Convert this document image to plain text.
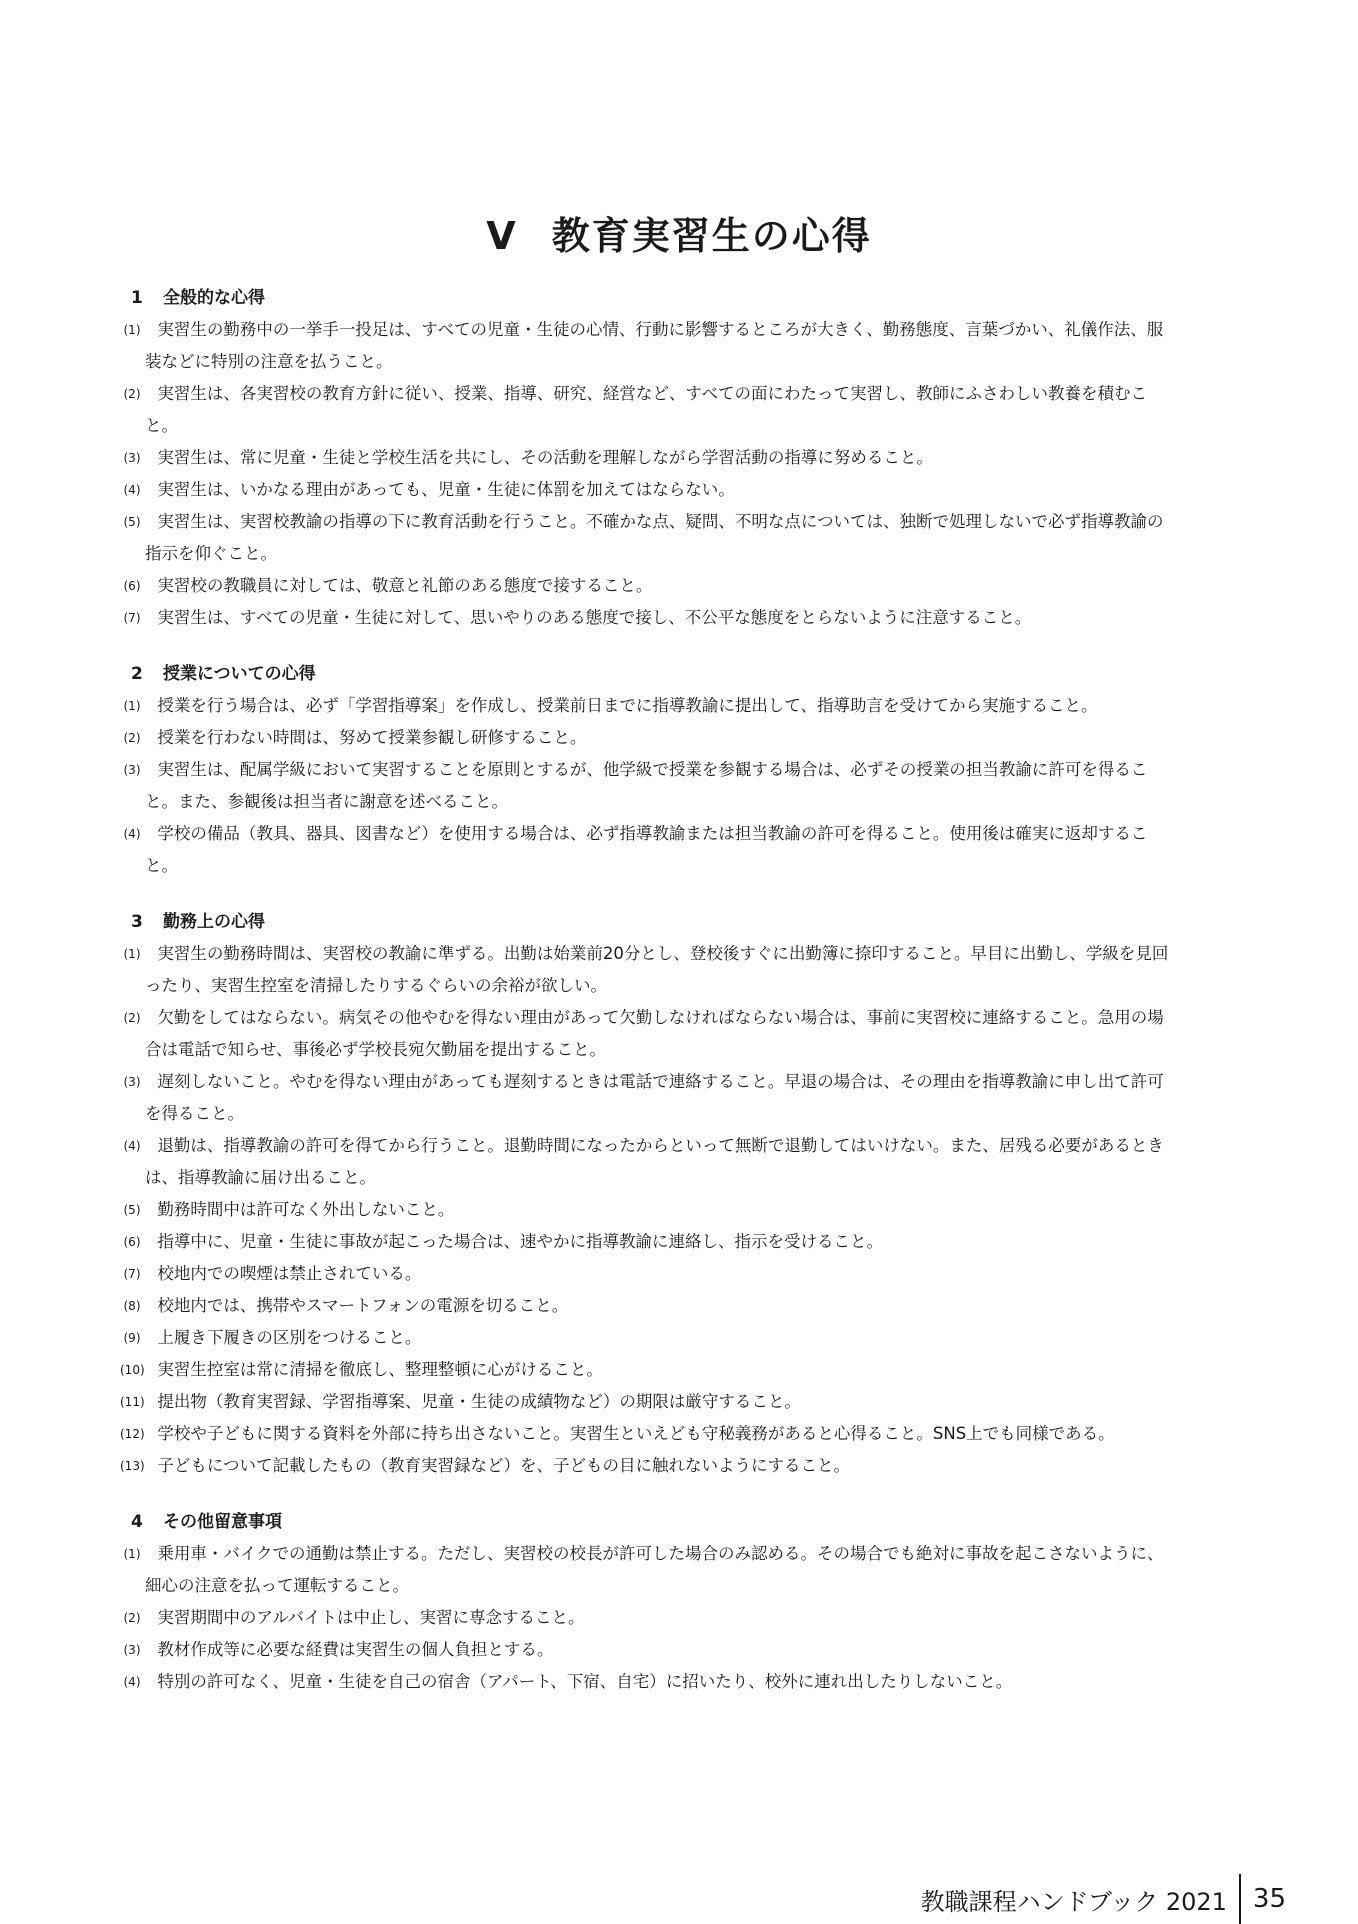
V 教育実習生の心得
1 全般的な心得

(1)	実習生の勤務中の一挙手一投足は、すべての児童・生徒の心情、行動に影響するところが大きく、勤務態度、言葉づかい、礼儀作法、服装などに特別の注意を払うこと。

(2)	実習生は、各実習校の教育方針に従い、授業、指導、研究、経営など、すべての面にわたって実習し、教師にふさわしい教養を積むこと。

(3)	実習生は、常に児童・生徒と学校生活を共にし、その活動を理解しながら学習活動の指導に努めること。

(4)	実習生は、いかなる理由があっても、児童・生徒に体罰を加えてはならない。

(5)	実習生は、実習校教諭の指導の下に教育活動を行うこと。不確かな点、疑問、不明な点については、独断で処理しないで必ず指導教諭の指示を仰ぐこと。

(6)	実習校の教職員に対しては、敬意と礼節のある態度で接すること。

(7)	実習生は、すべての児童・生徒に対して、思いやりのある態度で接し、不公平な態度をとらないように注意すること。

2 授業についての心得

(1)	授業を行う場合は、必ず「学習指導案」を作成し、授業前日までに指導教諭に提出して、指導助言を受けてから実施すること。

(2)	授業を行わない時間は、努めて授業参観し研修すること。

(3)	実習生は、配属学級において実習することを原則とするが、他学級で授業を参観する場合は、必ずその授業の担当教諭に許可を得ること。また、参観後は担当者に謝意を述べること。

(4)	学校の備品（教具、器具、図書など）を使用する場合は、必ず指導教諭または担当教諭の許可を得ること。使用後は確実に返却すること。

3 勤務上の心得

(1)	実習生の勤務時間は、実習校の教諭に準ずる。出勤は始業前20分とし、登校後すぐに出勤簿に捺印すること。早目に出勤し、学級を見回ったり、実習生控室を清掃したりするぐらいの余裕が欲しい。

(2)	欠勤をしてはならない。病気その他やむを得ない理由があって欠勤しなければならない場合は、事前に実習校に連絡すること。急用の場合は電話で知らせ、事後必ず学校長宛欠勤届を提出すること。

(3)	遅刻しないこと。やむを得ない理由があっても遅刻するときは電話で連絡すること。早退の場合は、その理由を指導教諭に申し出て許可を得ること。

(4)	退勤は、指導教諭の許可を得てから行うこと。退勤時間になったからといって無断で退勤してはいけない。また、居残る必要があるときは、指導教諭に届け出ること。

(5)	勤務時間中は許可なく外出しないこと。

(6)	指導中に、児童・生徒に事故が起こった場合は、速やかに指導教諭に連絡し、指示を受けること。

(7)	校地内での喫煙は禁止されている。

(8)	校地内では、携帯やスマートフォンの電源を切ること。

(9)	上履き下履きの区別をつけること。

(10) 実習生控室は常に清掃を徹底し、整理整頓に心がけること。

(11) 提出物（教育実習録、学習指導案、児童・生徒の成績物など）の期限は厳守すること。

(12) 学校や子どもに関する資料を外部に持ち出さないこと。実習生といえども守秘義務があると心得ること。SNS上でも同様である。

(13) 子どもについて記載したもの（教育実習録など）を、子どもの目に触れないようにすること。

4 その他留意事項

(1)	乗用車・バイクでの通勤は禁止する。ただし、実習校の校長が許可した場合のみ認める。その場合でも絶対に事故を起こさないように、細心の注意を払って運転すること。

(2)	実習期間中のアルバイトは中止し、実習に専念すること。

(3)	教材作成等に必要な経費は実習生の個人負担とする。

(4)	特別の許可なく、児童・生徒を自己の宿舎（アパート、下宿、自宅）に招いたり、校外に連れ出したりしないこと。

教職課程ハンドブック 2021 35
